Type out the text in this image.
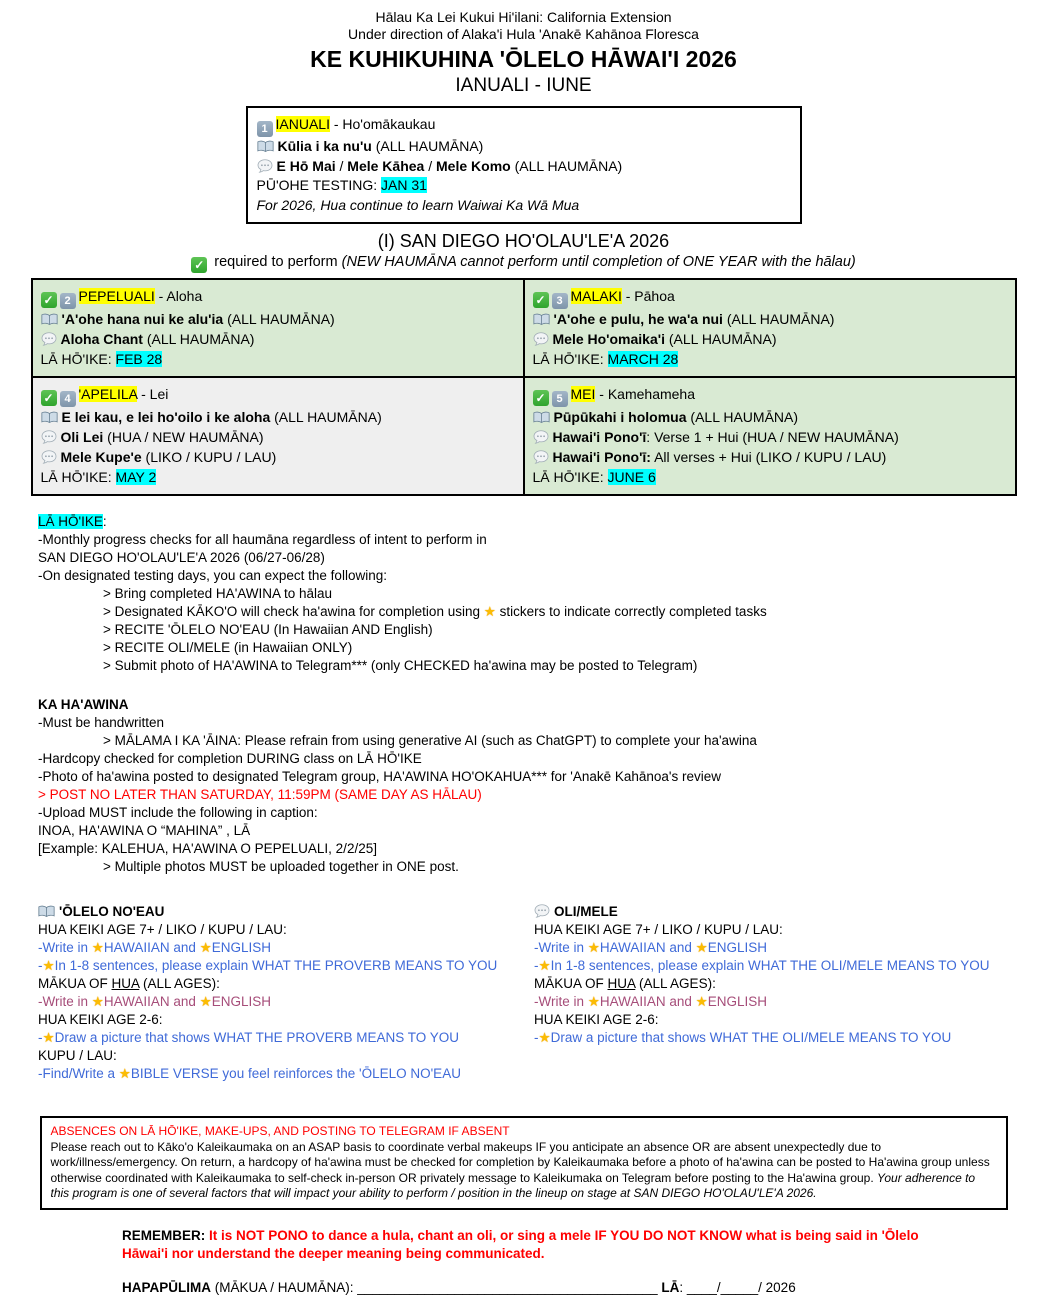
Hālau Ka Lei Kukui Hi'ilani: California Extension
Under direction of Alaka'i Hula 'Anakē Kahānoa Floresca
KE KUHIKUHINA 'ŌLELO HĀWAI'I 2026
IANUALI - IUNE
1 IANUALI - Ho'omākaukau
Kūlia i ka nu'u (ALL HAUMĀNA)
E Hō Mai / Mele Kāhea / Mele Komo (ALL HAUMĀNA)
PŪ'OHE TESTING: JAN 31
For 2026, Hua continue to learn Waiwai Ka Wā Mua
(I) SAN DIEGO HO'OLAU'LE'A 2026
✓ required to perform (NEW HAUMĀNA cannot perform until completion of ONE YEAR with the hālau)
✓ 2 PEPELUALI - Aloha
'A'ohe hana nui ke alu'ia (ALL HAUMĀNA)
Aloha Chant (ALL HAUMĀNA)
LĀ HŌ'IKE: FEB 28

✓ 3 MALAKI - Pāhoa
'A'ohe e pulu, he wa'a nui (ALL HAUMĀNA)
Mele Ho'omaika'i (ALL HAUMĀNA)
LĀ HŌ'IKE: MARCH 28

✓ 4 'APELILA - Lei
E lei kau, e lei ho'oilo i ke aloha (ALL HAUMĀNA)
Oli Lei (HUA / NEW HAUMĀNA)
Mele Kupe'e (LIKO / KUPU / LAU)
LĀ HŌ'IKE: MAY 2

✓ 5 MEI - Kamehameha
Pūpūkahi i holomua (ALL HAUMĀNA)
Hawai'i Pono'ī: Verse 1 + Hui (HUA / NEW HAUMĀNA)
Hawai'i Pono'ī: All verses + Hui (LIKO / KUPU / LAU)
LĀ HŌ'IKE: JUNE 6
LĀ HŌ'IKE:
-Monthly progress checks for all haumāna regardless of intent to perform in
SAN DIEGO HO'OLAU'LE'A 2026 (06/27-06/28)
-On designated testing days, you can expect the following:
> Bring completed HA'AWINA to hālau
> Designated KĀKO'O will check ha'awina for completion using ★ stickers to indicate correctly completed tasks
> RECITE 'ŌLELO NO'EAU (In Hawaiian AND English)
> RECITE OLI/MELE (in Hawaiian ONLY)
> Submit photo of HA'AWINA to Telegram*** (only CHECKED ha'awina may be posted to Telegram)
KA HA'AWINA
-Must be handwritten
> MĀLAMA I KA 'ĀINA: Please refrain from using generative AI (such as ChatGPT) to complete your ha'awina
-Hardcopy checked for completion DURING class on LĀ HŌ'IKE
-Photo of ha'awina posted to designated Telegram group, HA'AWINA HO'OKAHUA*** for 'Anakē Kahānoa's review
> POST NO LATER THAN SATURDAY, 11:59PM (SAME DAY AS HĀLAU)
-Upload MUST include the following in caption:
INOA, HA'AWINA O “MAHINA” , LĀ
[Example: KALEHUA, HA'AWINA O PEPELUALI, 2/2/25]
> Multiple photos MUST be uploaded together in ONE post.
'ŌLELO NO'EAU
HUA KEIKI AGE 7+ / LIKO / KUPU / LAU:
-Write in ★HAWAIIAN and ★ENGLISH
-★In 1-8 sentences, please explain WHAT THE PROVERB MEANS TO YOU
MĀKUA OF HUA (ALL AGES):
-Write in ★HAWAIIAN and ★ENGLISH
HUA KEIKI AGE 2-6:
-★Draw a picture that shows WHAT THE PROVERB MEANS TO YOU
KUPU / LAU:
-Find/Write a ★BIBLE VERSE you feel reinforces the 'ŌLELO NO'EAU
OLI/MELE
HUA KEIKI AGE 7+ / LIKO / KUPU / LAU:
-Write in ★HAWAIIAN and ★ENGLISH
-★In 1-8 sentences, please explain WHAT THE OLI/MELE MEANS TO YOU
MĀKUA OF HUA (ALL AGES):
-Write in ★HAWAIIAN and ★ENGLISH
HUA KEIKI AGE 2-6:
-★Draw a picture that shows WHAT THE OLI/MELE MEANS TO YOU
ABSENCES ON LĀ HŌ'IKE, MAKE-UPS, AND POSTING TO TELEGRAM IF ABSENT
Please reach out to Kāko'o Kaleikaumaka on an ASAP basis to coordinate verbal makeups IF you anticipate an absence OR are absent unexpectedly due to work/illness/emergency. On return, a hardcopy of ha'awina must be checked for completion by Kaleikaumaka before a photo of ha'awina can be posted to Ha'awina group unless otherwise coordinated with Kaleikaumaka to self-check in-person OR privately message to Kaleikumaka on Telegram before posting to the Ha'awina group. Your adherence to this program is one of several factors that will impact your ability to perform / position in the lineup on stage at SAN DIEGO HO'OLAU'LE'A 2026.
REMEMBER: It is NOT PONO to dance a hula, chant an oli, or sing a mele IF YOU DO NOT KNOW what is being said in 'Ōlelo Hāwai'i nor understand the deeper meaning being communicated.
HAPAPŪLIMA (MĀKUA / HAUMĀNA): ________________________________________ LĀ: ____/_____/ 2026
